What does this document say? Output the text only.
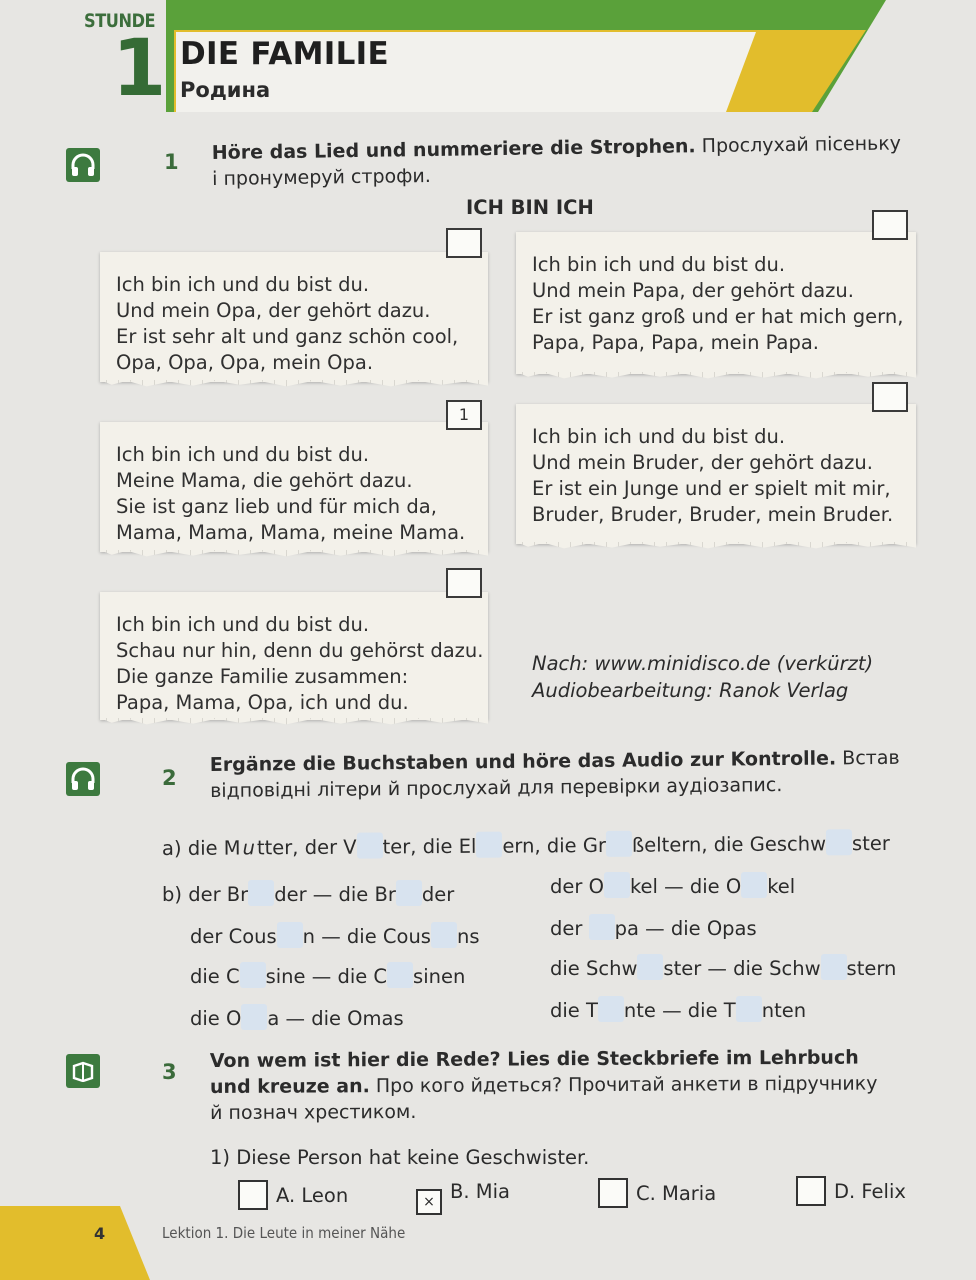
STUNDE
1 DIE FAMILIE
Родина
1 Höre das Lied und nummeriere die Strophen. Прослухай пісеньку
і пронумеруй строфи.
ICH BIN ICH
Ich bin ich und du bist du.
Und mein Opa, der gehört dazu.
Er ist sehr alt und ganz schön cool,
Opa, Opa, Opa, mein Opa.
Ich bin ich und du bist du.
Und mein Papa, der gehört dazu.
Er ist ganz groß und er hat mich gern,
Papa, Papa, Papa, mein Papa.
Ich bin ich und du bist du.
Meine Mama, die gehört dazu.
Sie ist ganz lieb und für mich da,
Mama, Mama, Mama, meine Mama.
1
Ich bin ich und du bist du.
Und mein Bruder, der gehört dazu.
Er ist ein Junge und er spielt mit mir,
Bruder, Bruder, Bruder, mein Bruder.
Ich bin ich und du bist du.
Schau nur hin, denn du gehörst dazu.
Die ganze Familie zusammen:
Papa, Mama, Opa, ich und du.
Nach: www.minidisco.de (verkürzt)
Audiobearbeitung: Ranok Verlag
2
Ergänze die Buchstaben und höre das Audio zur Kontrolle. Встав
відповідні літери й прослухай для перевірки аудіозапис.
a) die Mutter, der V ter, die El ern, die Gr ßeltern, die Geschw ster
b) der Br der — die Br der
der Cous n — die Cous ns
die C sine — die C sinen
die O a — die Omas
der O kel — die O kel
der pa — die Opas
die Schw ster — die Schw stern
die T nte — die T nten
3 Von wem ist hier die Rede? Lies die Steckbriefe im Lehrbuch
und kreuze an. Про кого йдеться? Прочитай анкети в підручнику
й познач хрестиком.
1) Diese Person hat keine Geschwister.
A. Leon	× B. Mia	C. Maria	D. Felix
4	Lektion 1. Die Leute in meiner Nähe
